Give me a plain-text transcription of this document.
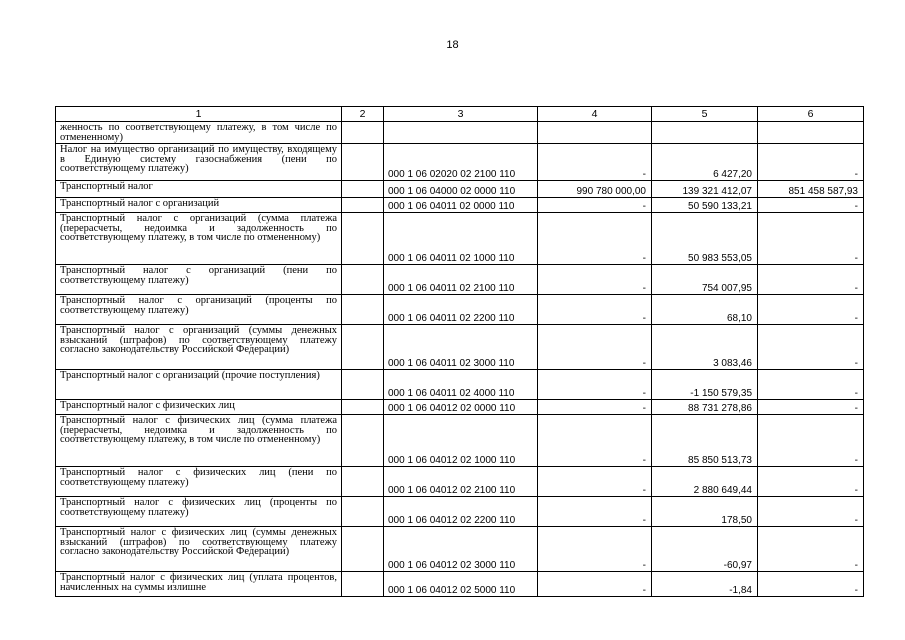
18
1	2	3	4	5	6
женность по соответствующему платежу, в том числе по отмененному)					
Налог на имущество организаций по имуществу, входящему в Единую систему газоснабжения (пени по соответствующему платежу)		000 1 06 02020 02 2100 110	-	6 427,20	-
Транспортный налог		000 1 06 04000 02 0000 110	990 780 000,00	139 321 412,07	851 458 587,93
Транспортный налог с организаций		000 1 06 04011 02 0000 110	-	50 590 133,21	-
Транспортный налог с организаций (сумма платежа (перерасчеты, недоимка и задолженность по соответствующему платежу, в том числе по отмененному)		000 1 06 04011 02 1000 110	-	50 983 553,05	-
Транспортный налог с организаций (пени по соответствующему платежу)		000 1 06 04011 02 2100 110	-	754 007,95	-
Транспортный налог с организаций (проценты по соответствующему платежу)		000 1 06 04011 02 2200 110	-	68,10	-
Транспортный налог с организаций (суммы денежных взысканий (штрафов) по соответствующему платежу согласно законодательству Российской Федерации)		000 1 06 04011 02 3000 110	-	3 083,46	-
Транспортный налог с организаций (прочие поступления)		000 1 06 04011 02 4000 110	-	-1 150 579,35	-
Транспортный налог с физических лиц		000 1 06 04012 02 0000 110	-	88 731 278,86	-
Транспортный налог с физических лиц (сумма платежа (перерасчеты, недоимка и задолженность по соответствующему платежу, в том числе по отмененному)		000 1 06 04012 02 1000 110	-	85 850 513,73	-
Транспортный налог с физических лиц (пени по соответствующему платежу)		000 1 06 04012 02 2100 110	-	2 880 649,44	-
Транспортный налог с физических лиц (проценты по соответствующему платежу)		000 1 06 04012 02 2200 110	-	178,50	-
Транспортный налог с физических лиц (суммы денежных взысканий (штрафов) по соответствующему платежу согласно законодательству Российской Федерации)		000 1 06 04012 02 3000 110	-	-60,97	-
Транспортный налог с физических лиц (уплата процентов, начисленных на суммы излишне		000 1 06 04012 02 5000 110	-	-1,84	-
